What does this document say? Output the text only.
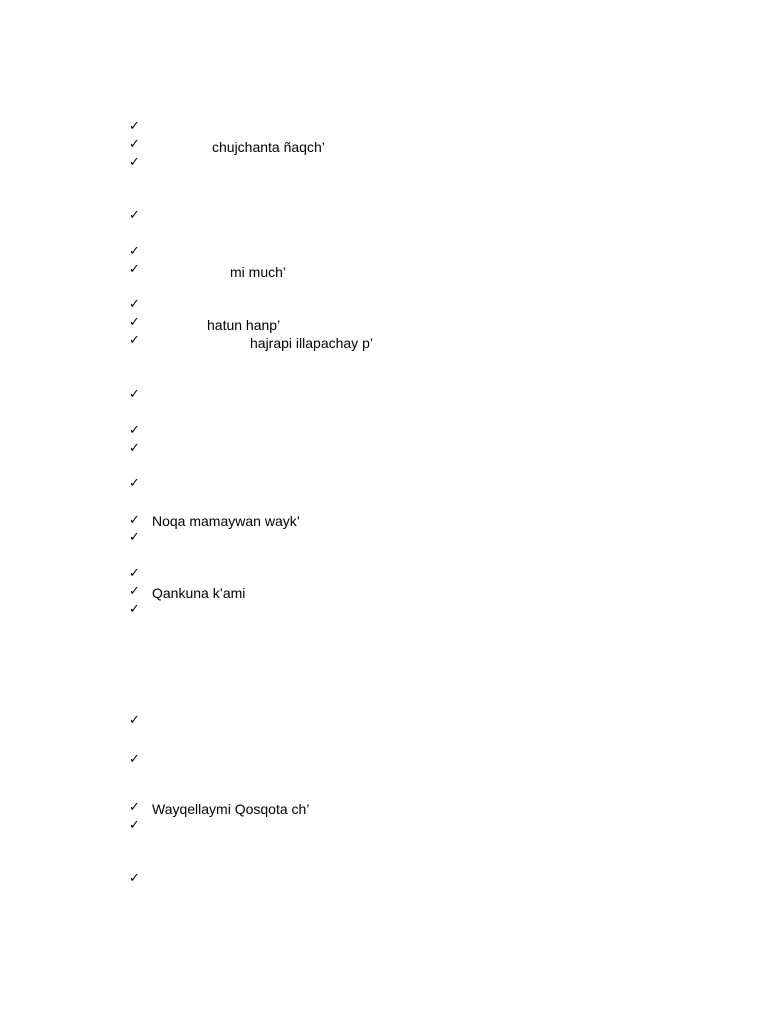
✓
✓	chujchanta ñaqch’
✓
✓
✓
✓	mi much’
✓
✓	hatun hanp’
✓	hajrapi illapachay p’
✓
✓
✓
✓
✓ Noqa mamaywan wayk’
✓
✓
✓ Qankuna k’ami
✓
✓
✓
✓ Wayqellaymi Qosqota ch’
✓
✓
